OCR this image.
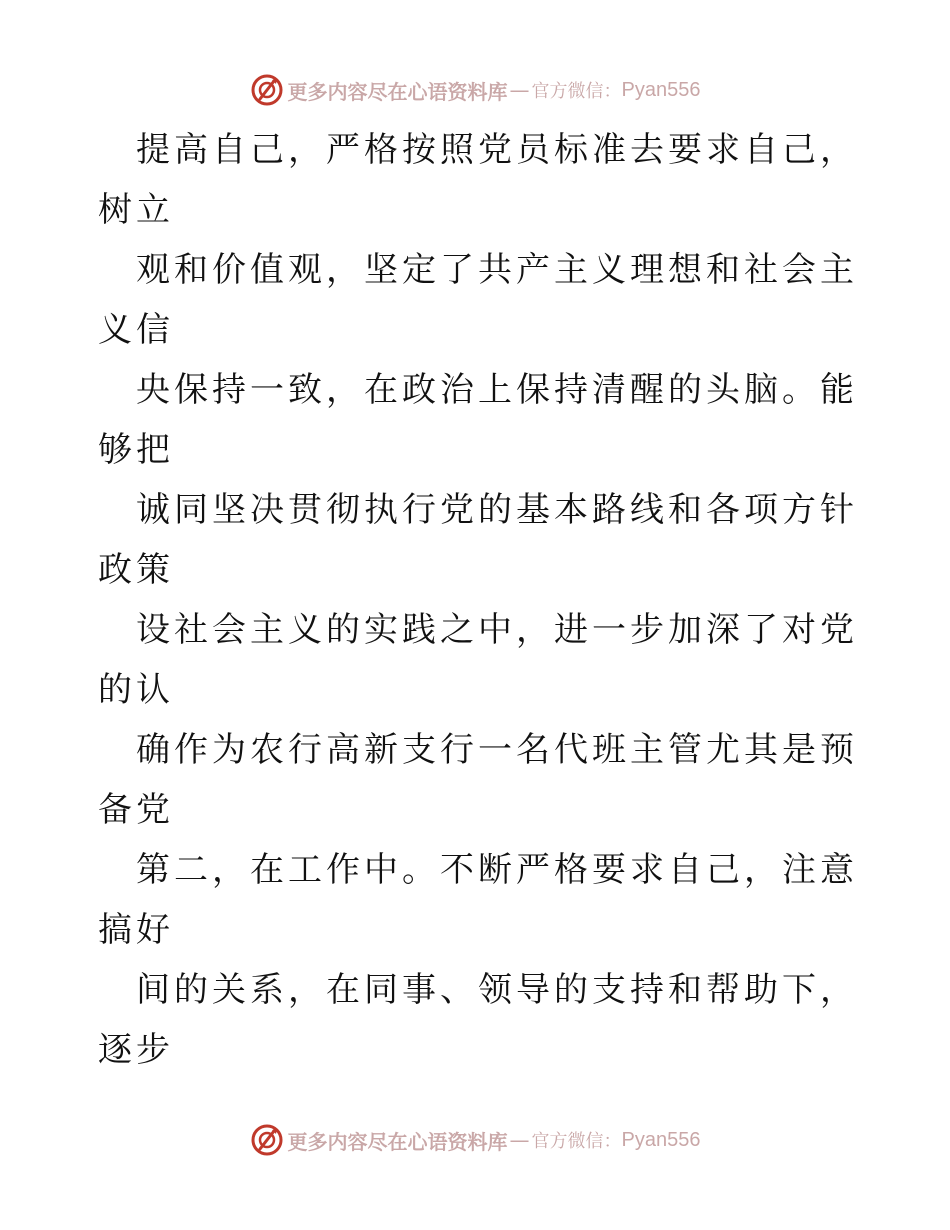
更多内容尽在心语资料库 — 官方微信： Pyan556

提高自己，严格按照党员标准去要求自己，树立

观和价值观，坚定了共产主义理想和社会主义信

央保持一致，在政治上保持清醒的头脑。能够把

诚同坚决贯彻执行党的基本路线和各项方针政策

设社会主义的实践之中，进一步加深了对党的认

确作为农行高新支行一名代班主管尤其是预备党

第二，在工作中。不断严格要求自己，注意搞好

间的关系，在同事、领导的支持和帮助下，逐步

更多内容尽在心语资料库 — 官方微信： Pyan556
